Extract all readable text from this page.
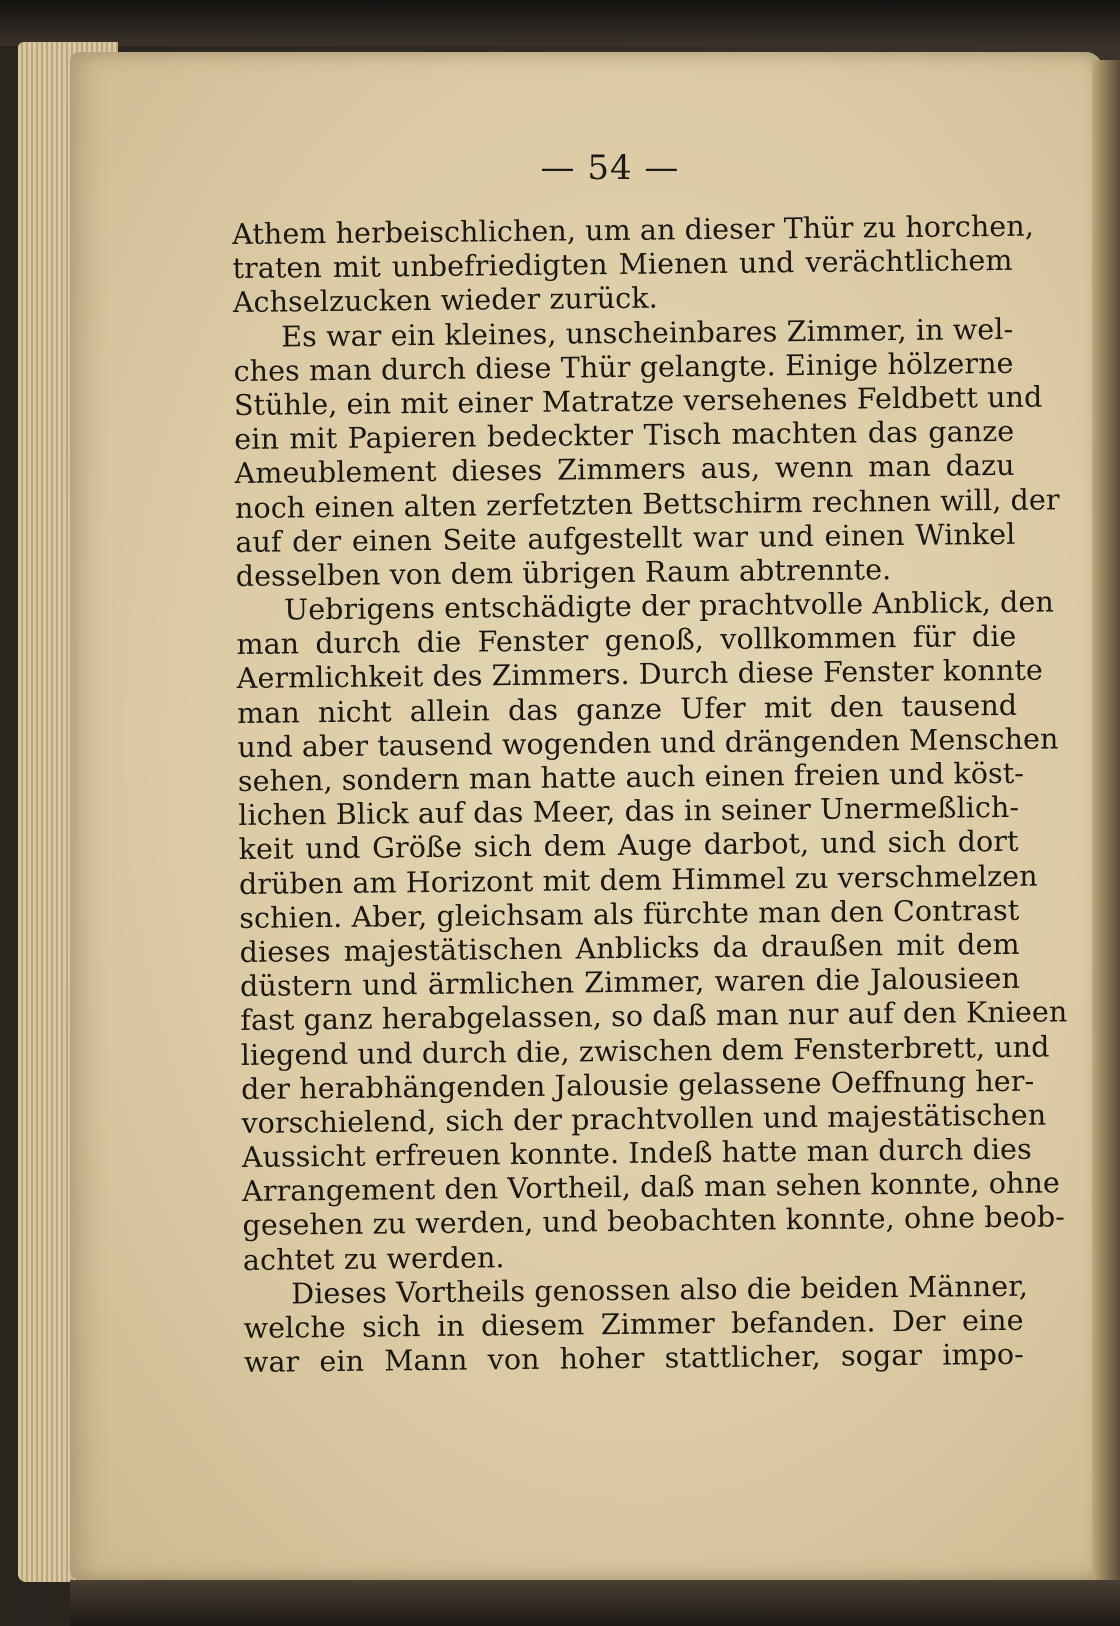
— 54 —
Athem herbeischlichen, um an dieser Thür zu horchen,
traten mit unbefriedigten Mienen und verächtlichem
Achselzucken wieder zurück.
Es war ein kleines, unscheinbares Zimmer, in wel-
ches man durch diese Thür gelangte. Einige hölzerne
Stühle, ein mit einer Matratze versehenes Feldbett und
ein mit Papieren bedeckter Tisch machten das ganze
Ameublement dieses Zimmers aus, wenn man dazu
noch einen alten zerfetzten Bettschirm rechnen will, der
auf der einen Seite aufgestellt war und einen Winkel
desselben von dem übrigen Raum abtrennte.
Uebrigens entschädigte der prachtvolle Anblick, den
man durch die Fenster genoß, vollkommen für die
Aermlichkeit des Zimmers. Durch diese Fenster konnte
man nicht allein das ganze Ufer mit den tausend
und aber tausend wogenden und drängenden Menschen
sehen, sondern man hatte auch einen freien und köst-
lichen Blick auf das Meer, das in seiner Unermeßlich-
keit und Größe sich dem Auge darbot, und sich dort
drüben am Horizont mit dem Himmel zu verschmelzen
schien. Aber, gleichsam als fürchte man den Contrast
dieses majestätischen Anblicks da draußen mit dem
düstern und ärmlichen Zimmer, waren die Jalousieen
fast ganz herabgelassen, so daß man nur auf den Knieen
liegend und durch die, zwischen dem Fensterbrett, und
der herabhängenden Jalousie gelassene Oeffnung her-
vorschielend, sich der prachtvollen und majestätischen
Aussicht erfreuen konnte. Indeß hatte man durch dies
Arrangement den Vortheil, daß man sehen konnte, ohne
gesehen zu werden, und beobachten konnte, ohne beob-
achtet zu werden.
Dieses Vortheils genossen also die beiden Männer,
welche sich in diesem Zimmer befanden. Der eine
war ein Mann von hoher stattlicher, sogar impo-
